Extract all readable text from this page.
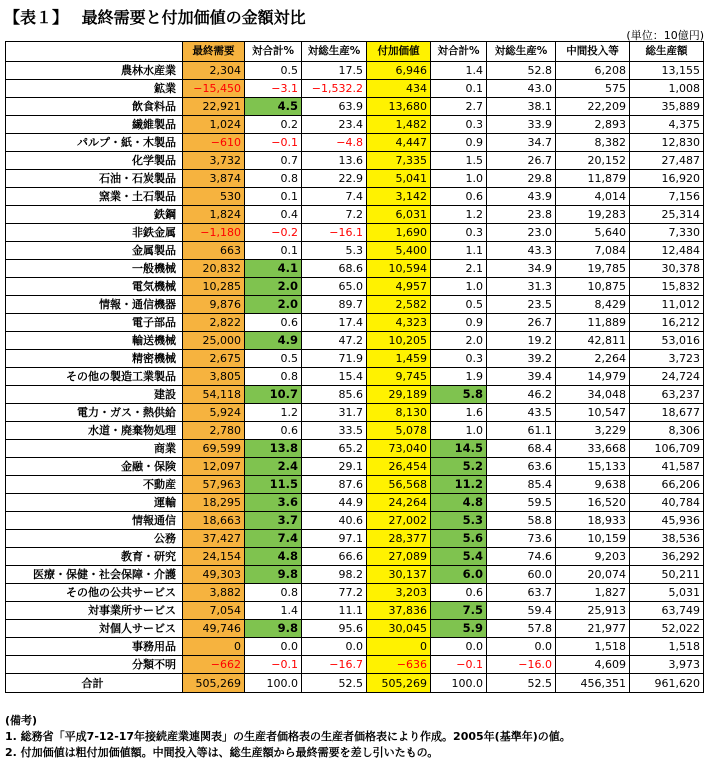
【表１】　 最終需要と付加価値の金額対比
(単位：10億円)
	最終需要	対合計%	対総生産%	付加価値	対合計%	対総生産%	中間投入等	総生産額
農林水産業	2,304	0.5	17.5	6,946	1.4	52.8	6,208	13,155
鉱業	−15,450	−3.1	−1,532.2	434	0.1	43.0	575	1,008
飲食料品	22,921	4.5	63.9	13,680	2.7	38.1	22,209	35,889
繊維製品	1,024	0.2	23.4	1,482	0.3	33.9	2,893	4,375
パルプ・紙・木製品	−610	−0.1	−4.8	4,447	0.9	34.7	8,382	12,830
化学製品	3,732	0.7	13.6	7,335	1.5	26.7	20,152	27,487
石油・石炭製品	3,874	0.8	22.9	5,041	1.0	29.8	11,879	16,920
窯業・土石製品	530	0.1	7.4	3,142	0.6	43.9	4,014	7,156
鉄鋼	1,824	0.4	7.2	6,031	1.2	23.8	19,283	25,314
非鉄金属	−1,180	−0.2	−16.1	1,690	0.3	23.0	5,640	7,330
金属製品	663	0.1	5.3	5,400	1.1	43.3	7,084	12,484
一般機械	20,832	4.1	68.6	10,594	2.1	34.9	19,785	30,378
電気機械	10,285	2.0	65.0	4,957	1.0	31.3	10,875	15,832
情報・通信機器	9,876	2.0	89.7	2,582	0.5	23.5	8,429	11,012
電子部品	2,822	0.6	17.4	4,323	0.9	26.7	11,889	16,212
輸送機械	25,000	4.9	47.2	10,205	2.0	19.2	42,811	53,016
精密機械	2,675	0.5	71.9	1,459	0.3	39.2	2,264	3,723
その他の製造工業製品	3,805	0.8	15.4	9,745	1.9	39.4	14,979	24,724
建設	54,118	10.7	85.6	29,189	5.8	46.2	34,048	63,237
電力・ガス・熱供給	5,924	1.2	31.7	8,130	1.6	43.5	10,547	18,677
水道・廃棄物処理	2,780	0.6	33.5	5,078	1.0	61.1	3,229	8,306
商業	69,599	13.8	65.2	73,040	14.5	68.4	33,668	106,709
金融・保険	12,097	2.4	29.1	26,454	5.2	63.6	15,133	41,587
不動産	57,963	11.5	87.6	56,568	11.2	85.4	9,638	66,206
運輸	18,295	3.6	44.9	24,264	4.8	59.5	16,520	40,784
情報通信	18,663	3.7	40.6	27,002	5.3	58.8	18,933	45,936
公務	37,427	7.4	97.1	28,377	5.6	73.6	10,159	38,536
教育・研究	24,154	4.8	66.6	27,089	5.4	74.6	9,203	36,292
医療・保健・社会保障・介護	49,303	9.8	98.2	30,137	6.0	60.0	20,074	50,211
その他の公共サービス	3,882	0.8	77.2	3,203	0.6	63.7	1,827	5,031
対事業所サービス	7,054	1.4	11.1	37,836	7.5	59.4	25,913	63,749
対個人サービス	49,746	9.8	95.6	30,045	5.9	57.8	21,977	52,022
事務用品	0	0.0	0.0	0	0.0	0.0	1,518	1,518
分類不明	−662	−0.1	−16.7	−636	−0.1	−16.0	4,609	3,973
合計	505,269	100.0	52.5	505,269	100.0	52.5	456,351	961,620
(備考)
1. 総務省「平成7-12-17年接続産業連関表」の生産者価格表の生産者価格表により作成。2005年(基準年)の値。
2. 付加価値は粗付加価値額。中間投入等は、総生産額から最終需要を差し引いたもの。
